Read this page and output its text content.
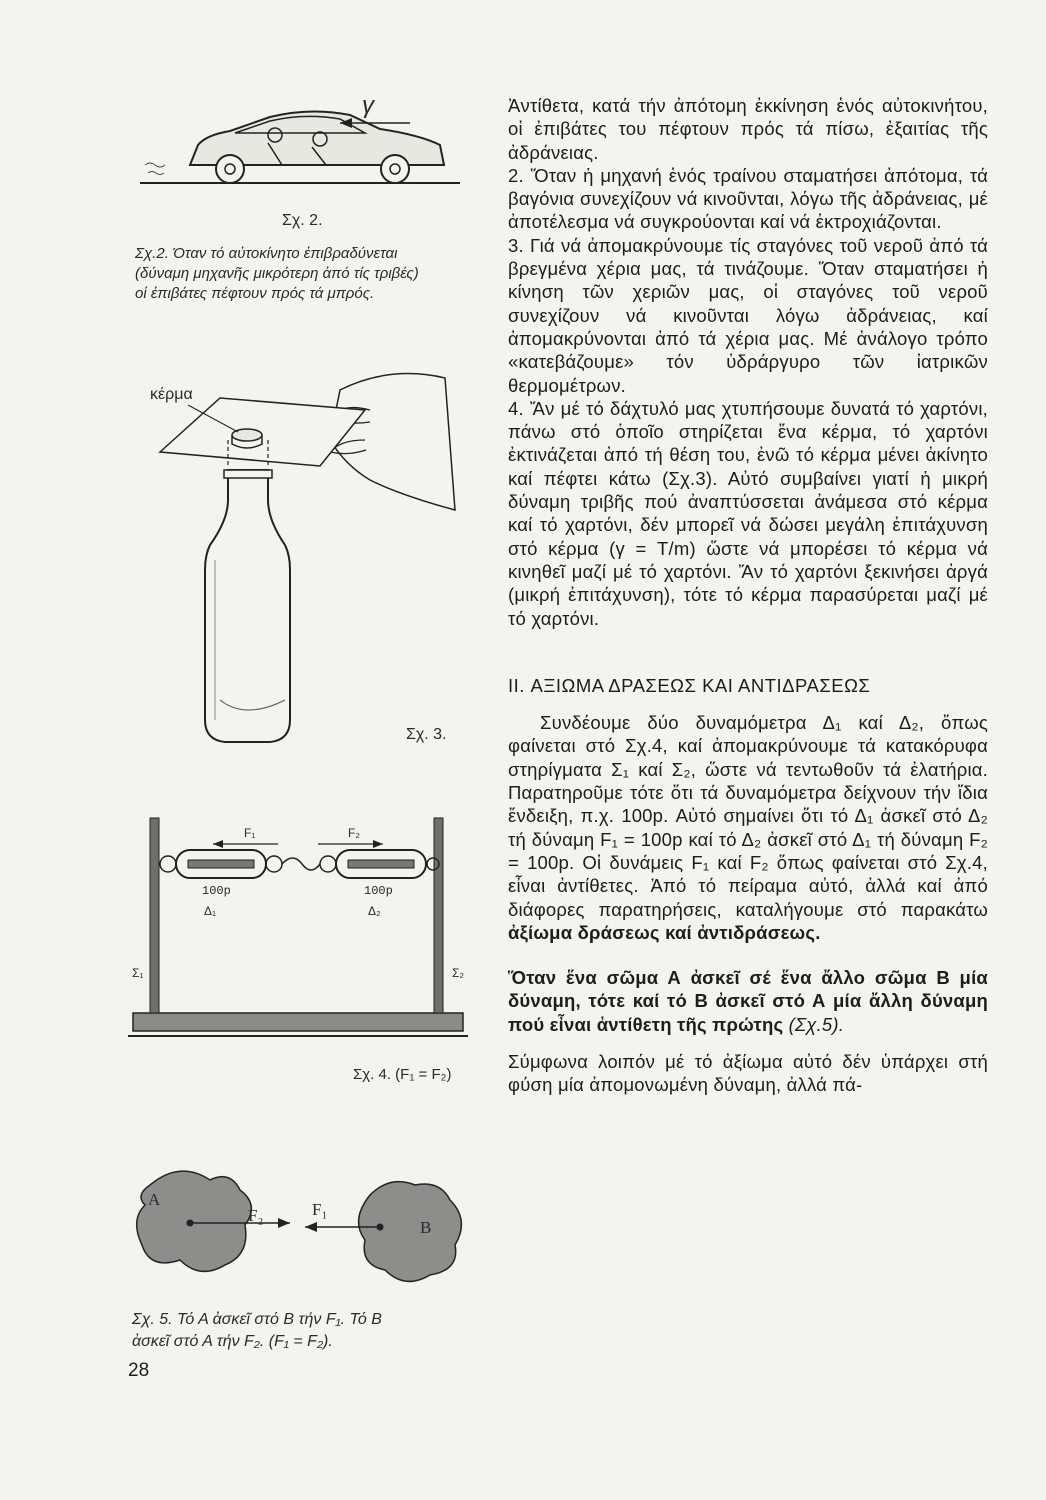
γ
Σχ. 2.
Σχ.2. Όταν τό αὐτοκίνητο ἐπιβραδύνεται
(δύναμη μηχανῆς μικρότερη ἀπό τίς τριβές)
οἱ ἐπιβάτες πέφτουν πρός τά μπρός.
κέρμα
Σχ. 3.
F₁	F₂
100p	100p
Δ₁	Δ₂
Σ₁	Σ₂
Σχ. 4. (F₁ = F₂)
A
B
F₂	F₁
Σχ. 5. Τό Α ἀσκεῖ στό Β τήν F₁. Τό Β
ἀσκεῖ στό Α τήν F₂. (F₁ = F₂).

Ἀντίθετα, κατά τήν ἀπότομη ἐκκίνηση ἑνός αὐτοκινήτου, οἱ ἐπιβάτες του πέφτουν πρός τά πίσω, ἐξαιτίας τῆς ἀδράνειας.

2. Ὅταν ἡ μηχανή ἑνός τραίνου σταματήσει ἀπότομα, τά βαγόνια συνεχίζουν νά κινοῦνται, λόγω τῆς ἀδράνειας, μέ ἀποτέλεσμα νά συγκρούονται καί νά ἐκτροχιάζονται.

3. Γιά νά ἀπομακρύνουμε τίς σταγόνες τοῦ νεροῦ ἀπό τά βρεγμένα χέρια μας, τά τινάζουμε. Ὅταν σταματήσει ἡ κίνηση τῶν χεριῶν μας, οἱ σταγόνες τοῦ νεροῦ συνεχίζουν νά κινοῦνται λόγω ἀδράνειας, καί ἀπομακρύνονται ἀπό τά χέρια μας. Μέ ἀνάλογο τρόπο «κατεβάζουμε» τόν ὑδράργυρο τῶν ἰατρικῶν θερμομέτρων.

4. Ἄν μέ τό δάχτυλό μας χτυπήσουμε δυνατά τό χαρτόνι, πάνω στό ὁποῖο στηρίζεται ἕνα κέρμα, τό χαρτόνι ἐκτινάζεται ἀπό τή θέση του, ἐνῶ τό κέρμα μένει ἀκίνητο καί πέφτει κάτω (Σχ.3). Αὐτό συμβαίνει γιατί ἡ μικρή δύναμη τριβῆς πού ἀναπτύσσεται ἀνάμεσα στό κέρμα καί τό χαρτόνι, δέν μπορεῖ νά δώσει μεγάλη ἐπιτάχυνση στό κέρμα (γ = T/m) ὥστε νά μπορέσει τό κέρμα νά κινηθεῖ μαζί μέ τό χαρτόνι. Ἄν τό χαρτόνι ξεκινήσει ἀργά (μικρή ἐπιτάχυνση), τότε τό κέρμα παρασύρεται μαζί μέ τό χαρτόνι.

II. ΑΞΙΩΜΑ ΔΡΑΣΕΩΣ ΚΑΙ ΑΝΤΙΔΡΑΣΕΩΣ

Συνδέουμε δύο δυναμόμετρα Δ₁ καί Δ₂, ὅπως φαίνεται στό Σχ.4, καί ἀπομακρύνουμε τά κατακόρυφα στηρίγματα Σ₁ καί Σ₂, ὥστε νά τεντωθοῦν τά ἐλατήρια. Παρατηροῦμε τότε ὅτι τά δυναμόμετρα δείχνουν τήν ἴδια ἔνδειξη, π.χ. 100p. Αὐτό σημαίνει ὅτι τό Δ₁ ἀσκεῖ στό Δ₂ τή δύναμη F₁ = 100p καί τό Δ₂ ἀσκεῖ στό Δ₁ τή δύναμη F₂ = 100p. Οἱ δυνάμεις F₁ καί F₂ ὅπως φαίνεται στό Σχ.4, εἶναι ἀντίθετες. Ἀπό τό πείραμα αὐτό, ἀλλά καί ἀπό διάφορες παρατηρήσεις, καταλήγουμε στό παρακάτω ἀξίωμα δράσεως καί ἀντιδράσεως.

Ὅταν ἕνα σῶμα Α ἀσκεῖ σέ ἕνα ἄλλο σῶμα Β μία δύναμη, τότε καί τό Β ἀσκεῖ στό Α μία ἄλλη δύναμη πού εἶναι ἀντίθετη τῆς πρώτης (Σχ.5).

Σύμφωνα λοιπόν μέ τό ἀξίωμα αὐτό δέν ὑπάρχει στή φύση μία ἀπομονωμένη δύναμη, ἀλλά πά-

28
